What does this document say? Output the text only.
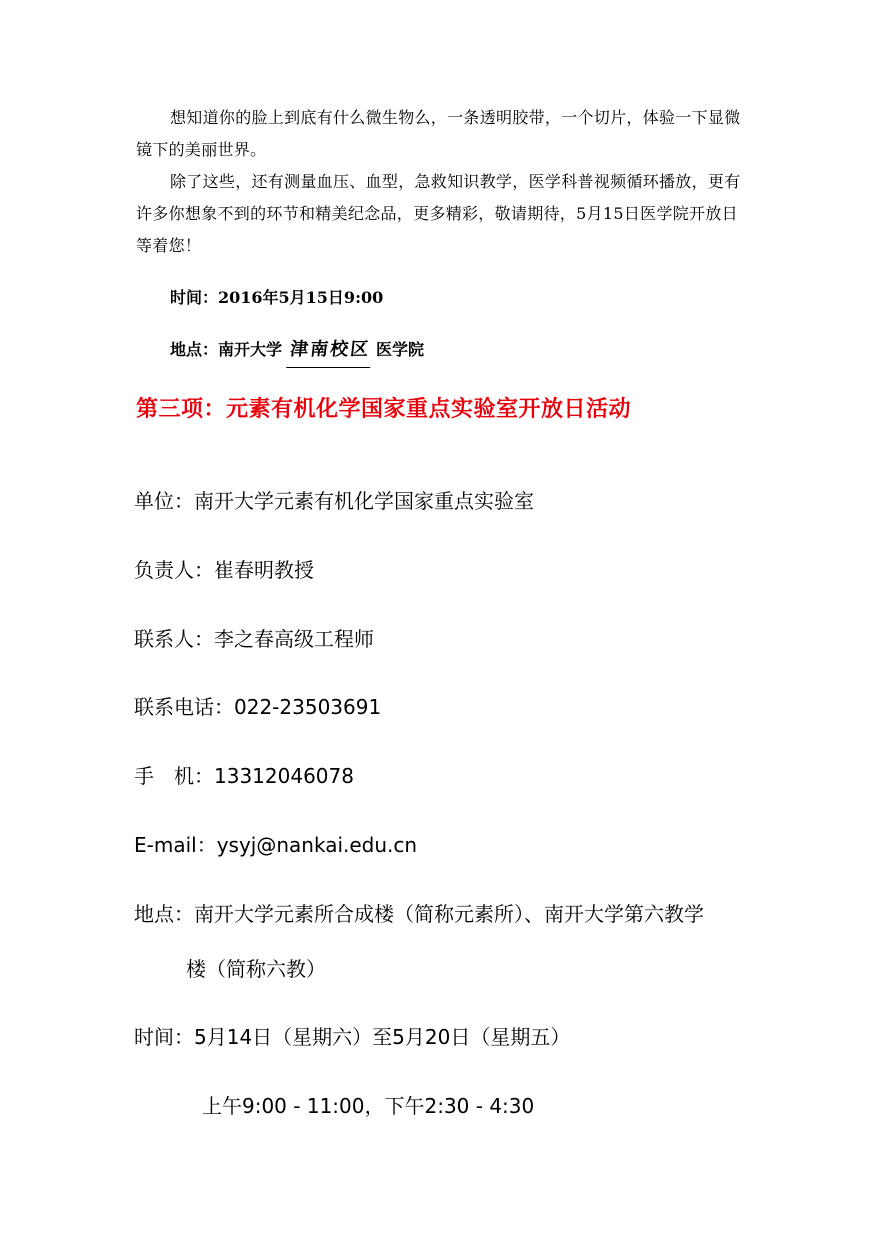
想知道你的脸上到底有什么微生物么，一条透明胶带，一个切片，体验一下显微镜下的美丽世界。

除了这些，还有测量血压、血型，急救知识教学，医学科普视频循环播放，更有许多你想象不到的环节和精美纪念品，更多精彩，敬请期待，5月15日医学院开放日等着您！

时间：2016年5月15日9:00

地点：南开大学 津南校区 医学院

第三项：元素有机化学国家重点实验室开放日活动

单位：南开大学元素有机化学国家重点实验室

负责人：崔春明教授

联系人：李之春高级工程师

联系电话：022-23503691

手　机：13312046078

E-mail：ysyj@nankai.edu.cn

地点：南开大学元素所合成楼（简称元素所）、南开大学第六教学

楼（简称六教）

时间：5月14日（星期六）至5月20日（星期五）

上午9:00 - 11:00，下午2:30 - 4:30
